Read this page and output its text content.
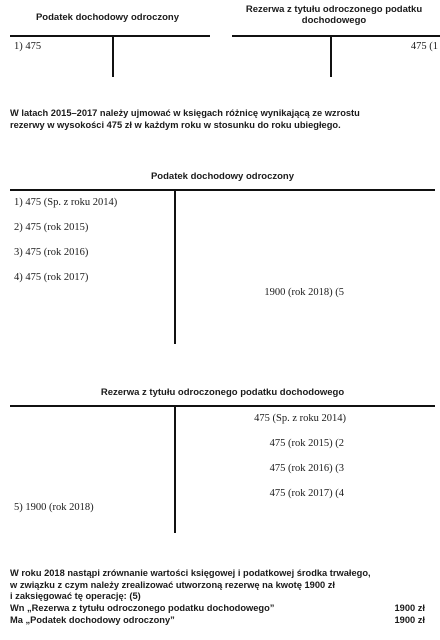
Podatek dochodowy odroczony
1) 475
Rezerwa z tytułu odroczonego podatku
dochodowego
475 (1
W latach 2015–2017 należy ujmować w księgach różnicę wynikającą ze wzrostu
rezerwy w wysokości 475 zł w każdym roku w stosunku do roku ubiegłego.
Podatek dochodowy odroczony
1) 475 (Sp. z roku 2014)
2) 475 (rok 2015)
3) 475 (rok 2016)
4) 475 (rok 2017)
1900 (rok 2018) (5
Rezerwa z tytułu odroczonego podatku dochodowego
475 (Sp. z roku 2014)
475 (rok 2015) (2
475 (rok 2016) (3
475 (rok 2017) (4
5) 1900 (rok 2018)
W roku 2018 nastąpi zrównanie wartości księgowej i podatkowej środka trwałego,
w związku z czym należy zrealizować utworzoną rezerwę na kwotę 1900 zł
i zaksięgować tę operację: (5)
Wn „Rezerwa z tytułu odroczonego podatku dochodowego”	1900 zł
Ma „Podatek dochodowy odroczony”	1900 zł
